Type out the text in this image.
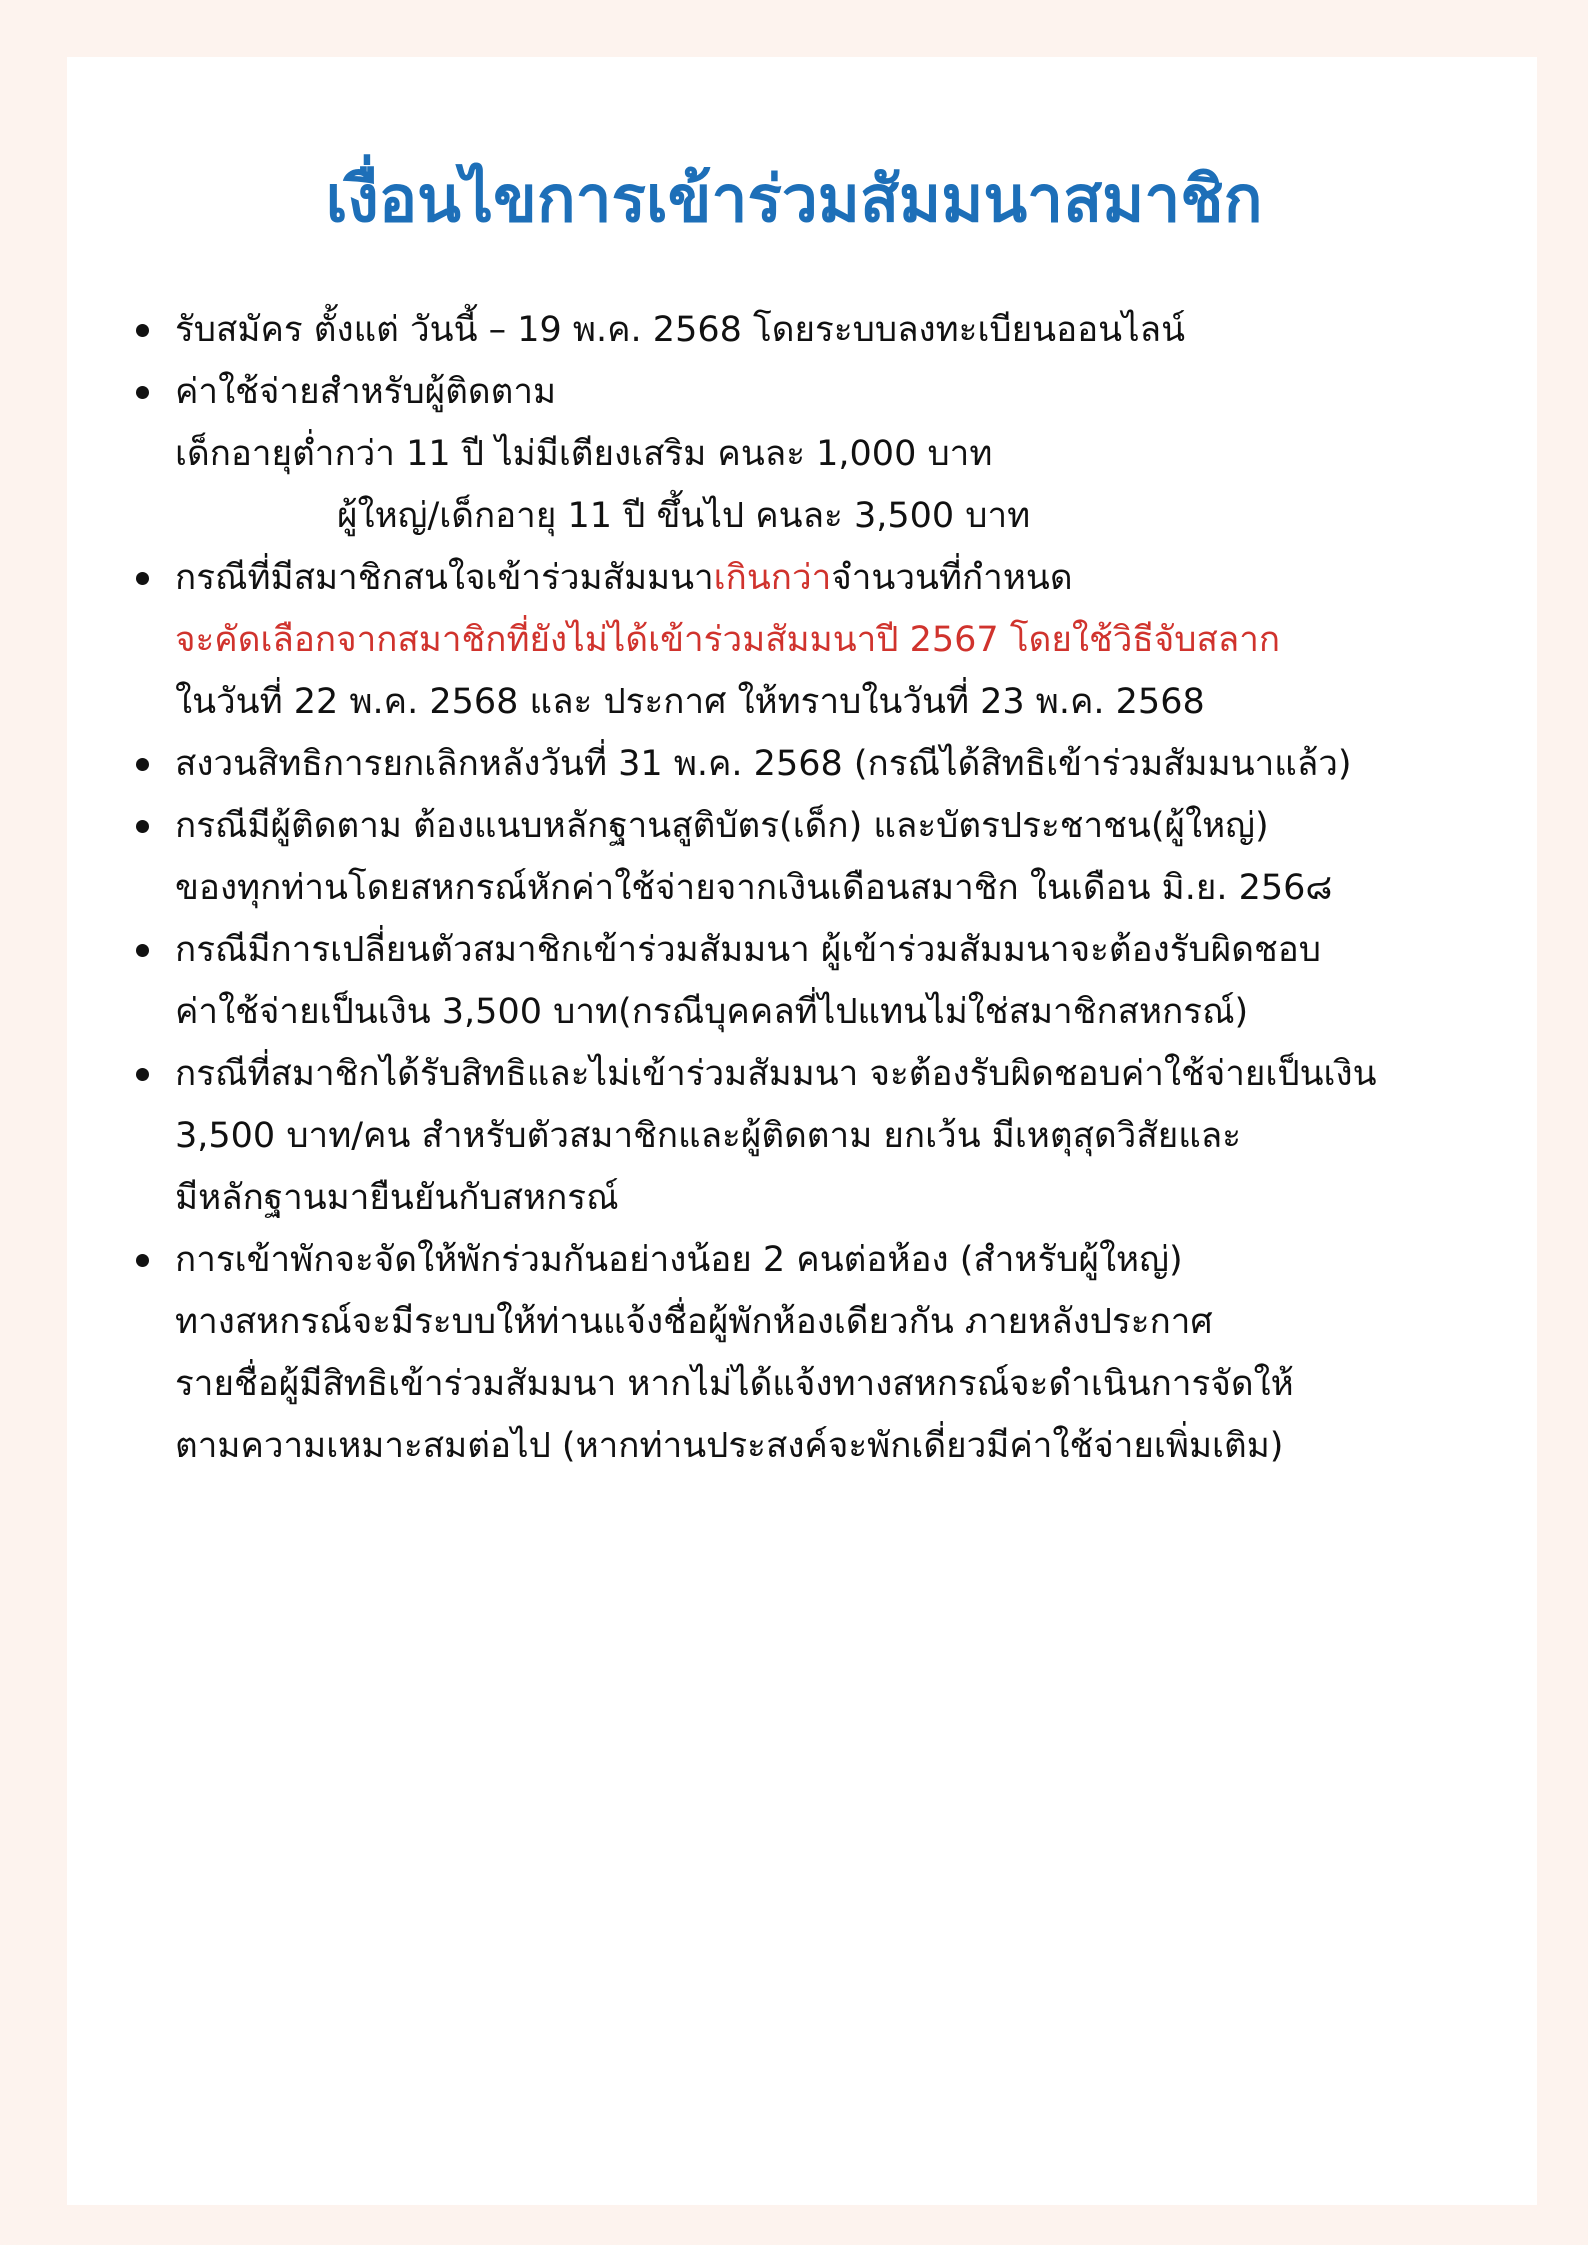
เงื่อนไขการเข้าร่วมสัมมนาสมาชิก
รับสมัคร ตั้งแต่ วันนี้ – 19 พ.ค. 2568 โดยระบบลงทะเบียนออนไลน์
ค่าใช้จ่ายสำหรับผู้ติดตาม
เด็กอายุต่ำกว่า 11 ปี ไม่มีเตียงเสริม คนละ 1,000 บาท
ผู้ใหญ่/เด็กอายุ 11 ปี ขึ้นไป คนละ 3,500 บาท
กรณีที่มีสมาชิกสนใจเข้าร่วมสัมมนาเกินกว่าจำนวนที่กำหนด
จะคัดเลือกจากสมาชิกที่ยังไม่ได้เข้าร่วมสัมมนาปี 2567 โดยใช้วิธีจับสลาก
ในวันที่ 22 พ.ค. 2568 และ ประกาศ ให้ทราบในวันที่ 23 พ.ค. 2568
สงวนสิทธิการยกเลิกหลังวันที่ 31 พ.ค. 2568 (กรณีได้สิทธิเข้าร่วมสัมมนาแล้ว)
กรณีมีผู้ติดตาม ต้องแนบหลักฐานสูติบัตร(เด็ก) และบัตรประชาชน(ผู้ใหญ่)
ของทุกท่านโดยสหกรณ์หักค่าใช้จ่ายจากเงินเดือนสมาชิก ในเดือน มิ.ย. 256๘
กรณีมีการเปลี่ยนตัวสมาชิกเข้าร่วมสัมมนา ผู้เข้าร่วมสัมมนาจะต้องรับผิดชอบ
ค่าใช้จ่ายเป็นเงิน 3,500 บาท(กรณีบุคคลที่ไปแทนไม่ใช่สมาชิกสหกรณ์)
กรณีที่สมาชิกได้รับสิทธิและไม่เข้าร่วมสัมมนา จะต้องรับผิดชอบค่าใช้จ่ายเป็นเงิน
3,500 บาท/คน สำหรับตัวสมาชิกและผู้ติดตาม ยกเว้น มีเหตุสุดวิสัยและ
มีหลักฐานมายืนยันกับสหกรณ์
การเข้าพักจะจัดให้พักร่วมกันอย่างน้อย 2 คนต่อห้อง (สำหรับผู้ใหญ่)
ทางสหกรณ์จะมีระบบให้ท่านแจ้งชื่อผู้พักห้องเดียวกัน ภายหลังประกาศ
รายชื่อผู้มีสิทธิเข้าร่วมสัมมนา หากไม่ได้แจ้งทางสหกรณ์จะดำเนินการจัดให้
ตามความเหมาะสมต่อไป (หากท่านประสงค์จะพักเดี่ยวมีค่าใช้จ่ายเพิ่มเติม)
